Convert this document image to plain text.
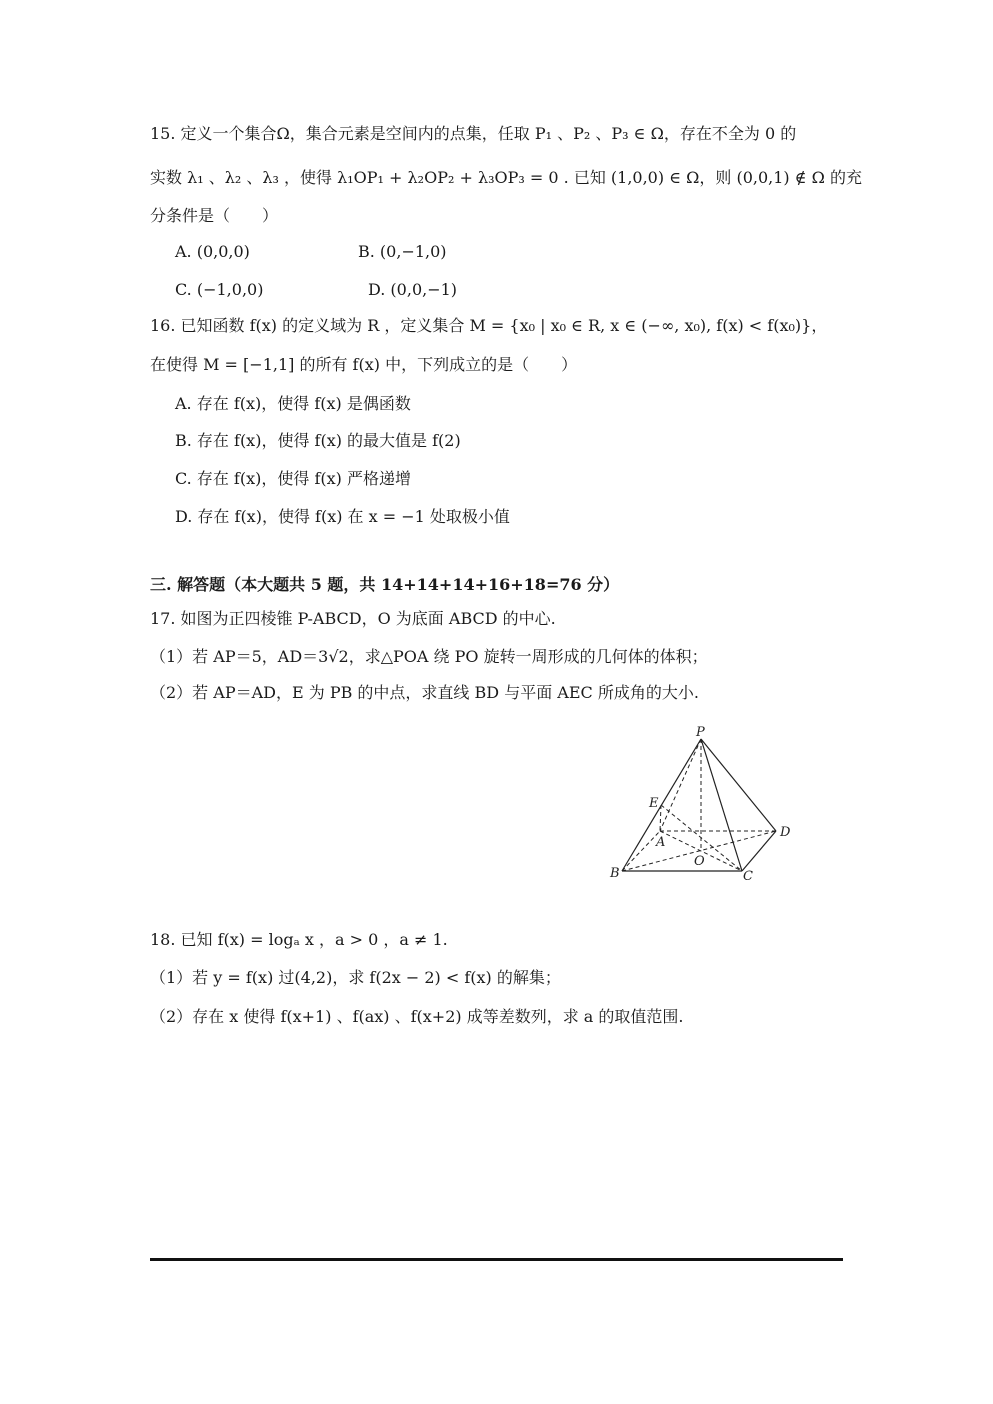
15. 定义一个集合Ω，集合元素是空间内的点集，任取 P₁ 、P₂ 、P₃ ∈ Ω，存在不全为 0 的
实数 λ₁ 、λ₂ 、λ₃ ，使得 λ₁OP₁ + λ₂OP₂ + λ₃OP₃ = 0 . 已知 (1,0,0) ∈ Ω，则 (0,0,1) ∉ Ω 的充
分条件是（　　）
A. (0,0,0)	B. (0,−1,0)
C. (−1,0,0)	D. (0,0,−1)
16. 已知函数 f(x) 的定义域为 R ，定义集合 M = {x₀ | x₀ ∈ R, x ∈ (−∞, x₀), f(x) < f(x₀)}，
在使得 M = [−1,1] 的所有 f(x) 中，下列成立的是（　　）
A. 存在 f(x)，使得 f(x) 是偶函数
B. 存在 f(x)，使得 f(x) 的最大值是 f(2)
C. 存在 f(x)，使得 f(x) 严格递增
D. 存在 f(x)，使得 f(x) 在 x = −1 处取极小值
三. 解答题（本大题共 5 题，共 14+14+14+16+18=76 分）
17. 如图为正四棱锥 P-ABCD，O 为底面 ABCD 的中心.
（1）若 AP＝5，AD＝3√2，求△POA 绕 PO 旋转一周形成的几何体的体积；
（2）若 AP＝AD，E 为 PB 的中点，求直线 BD 与平面 AEC 所成角的大小.
P
E
A
D
O
B	C
18. 已知 f(x) = logₐ x ，a > 0 ，a ≠ 1.
（1）若 y = f(x) 过(4,2)，求 f(2x − 2) < f(x) 的解集；
（2）存在 x 使得 f(x+1) 、f(ax) 、f(x+2) 成等差数列，求 a 的取值范围.
